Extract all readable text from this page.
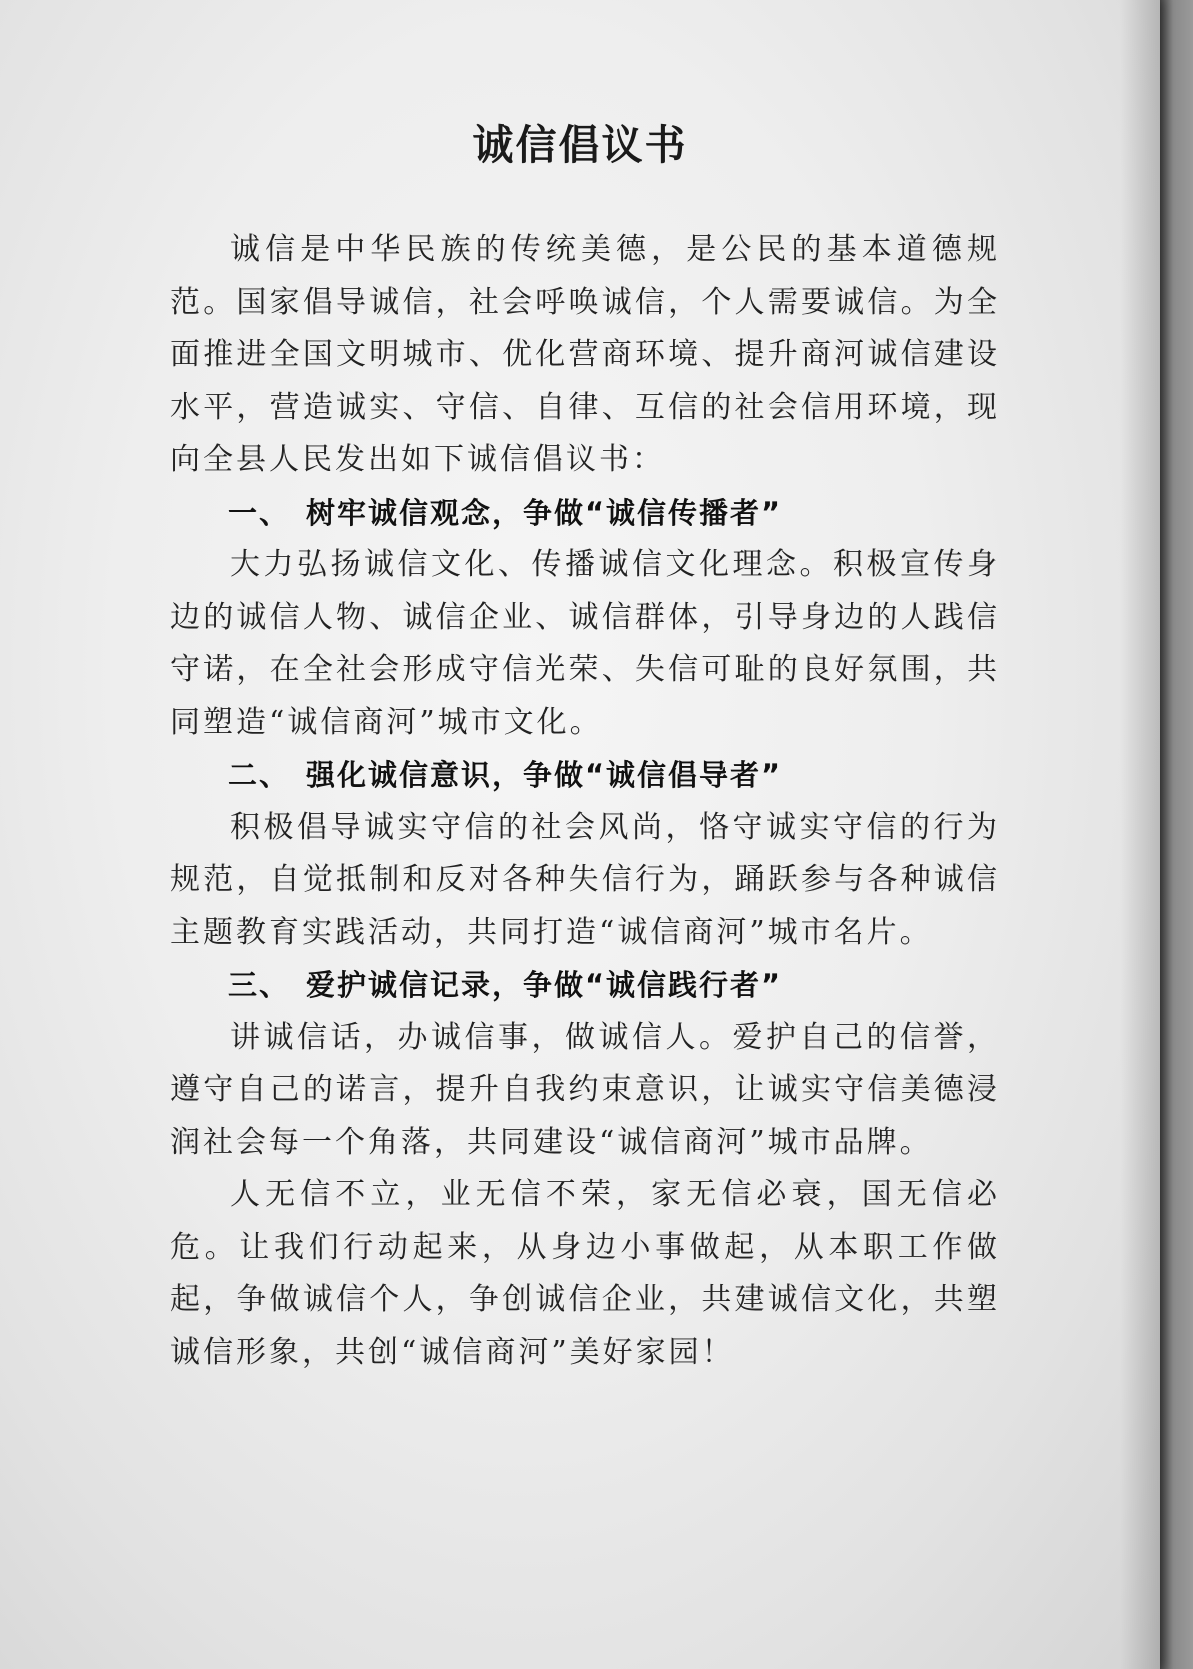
诚信倡议书

诚信是中华民族的传统美德，是公民的基本道德规范。国家倡导诚信，社会呼唤诚信，个人需要诚信。为全面推进全国文明城市、优化营商环境、提升商河诚信建设水平，营造诚实、守信、自律、互信的社会信用环境，现向全县人民发出如下诚信倡议书：

一、 树牢诚信观念，争做“诚信传播者”

大力弘扬诚信文化、传播诚信文化理念。积极宣传身边的诚信人物、诚信企业、诚信群体，引导身边的人践信守诺，在全社会形成守信光荣、失信可耻的良好氛围，共同塑造“诚信商河”城市文化。

二、 强化诚信意识，争做“诚信倡导者”

积极倡导诚实守信的社会风尚，恪守诚实守信的行为规范，自觉抵制和反对各种失信行为，踊跃参与各种诚信主题教育实践活动，共同打造“诚信商河”城市名片。

三、 爱护诚信记录，争做“诚信践行者”

讲诚信话，办诚信事，做诚信人。爱护自己的信誉，遵守自己的诺言，提升自我约束意识，让诚实守信美德浸润社会每一个角落，共同建设“诚信商河”城市品牌。

人无信不立，业无信不荣，家无信必衰，国无信必危。让我们行动起来，从身边小事做起，从本职工作做起，争做诚信个人，争创诚信企业，共建诚信文化，共塑诚信形象，共创“诚信商河”美好家园！
